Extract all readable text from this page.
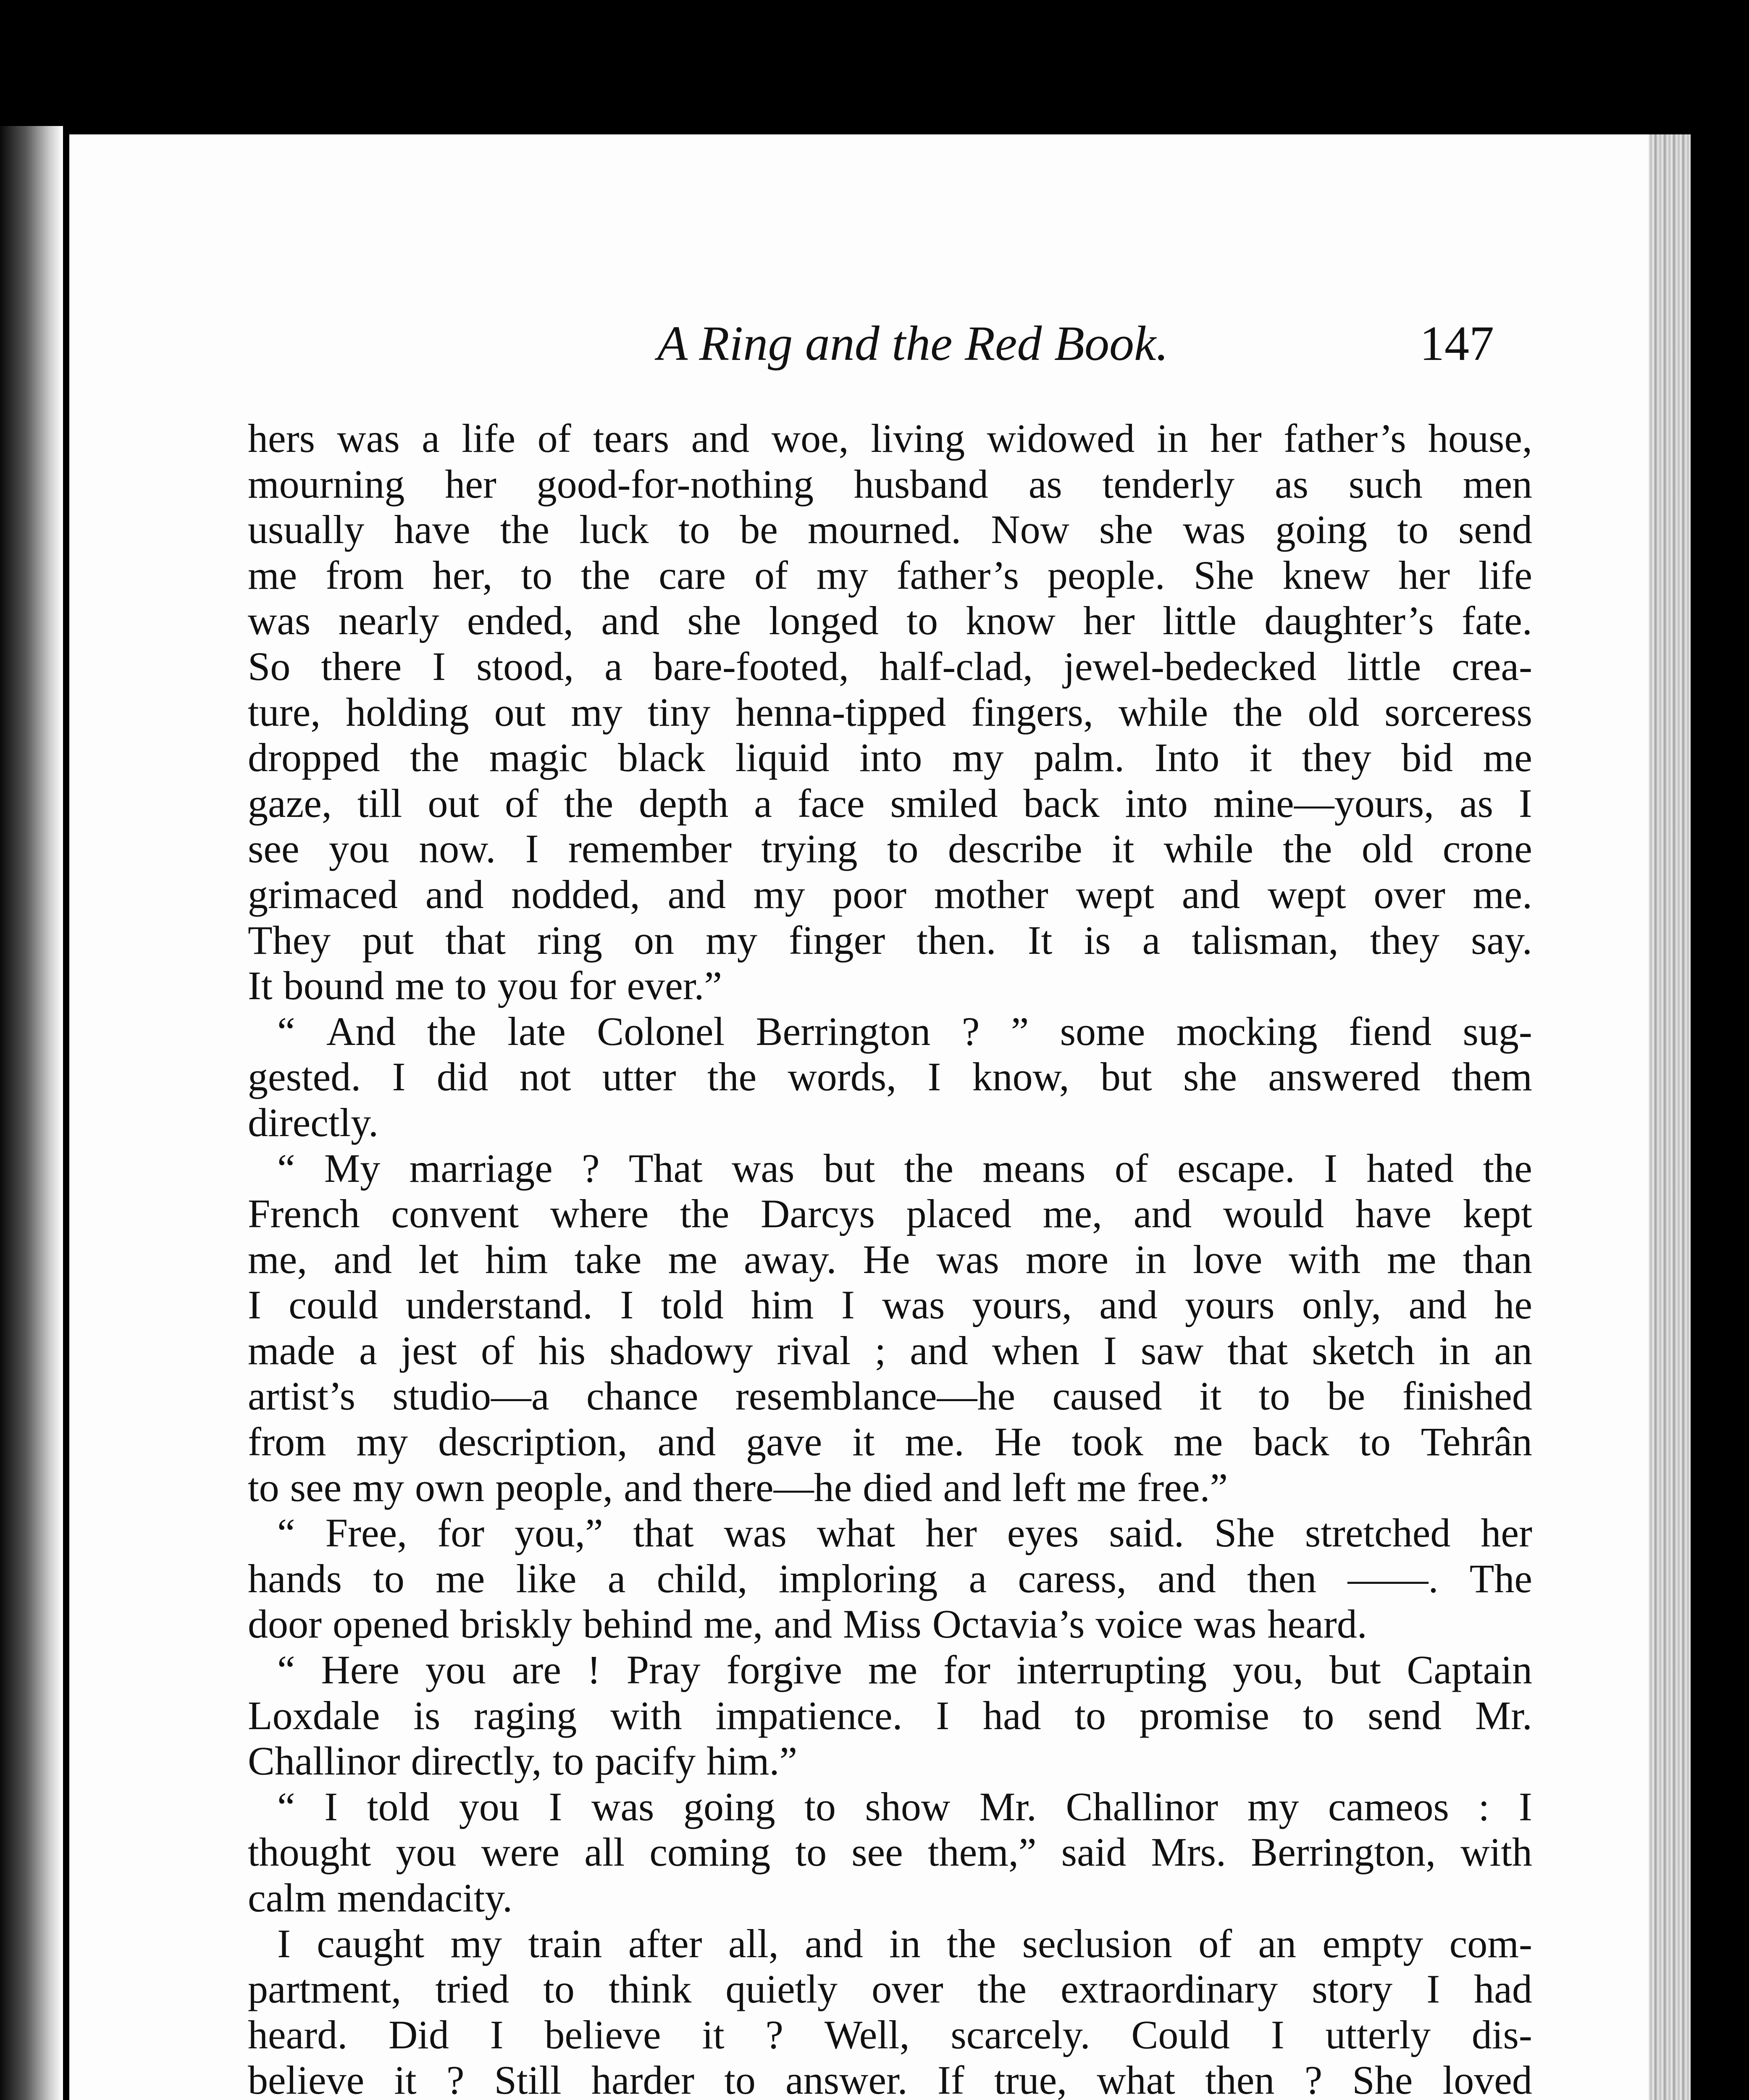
A Ring and the Red Book.	147
hers was a life of tears and woe, living widowed in her father’s house,
mourning her good-for-nothing husband as tenderly as such men
usually have the luck to be mourned. Now she was going to send
me from her, to the care of my father’s people. She knew her life
was nearly ended, and she longed to know her little daughter’s fate.
So there I stood, a bare-footed, half-clad, jewel-bedecked little crea-
ture, holding out my tiny henna-tipped fingers, while the old sorceress
dropped the magic black liquid into my palm. Into it they bid me
gaze, till out of the depth a face smiled back into mine—yours, as I
see you now. I remember trying to describe it while the old crone
grimaced and nodded, and my poor mother wept and wept over me.
They put that ring on my finger then. It is a talisman, they say.
It bound me to you for ever.”
“ And the late Colonel Berrington ? ” some mocking fiend sug-
gested. I did not utter the words, I know, but she answered them
directly.
“ My marriage ? That was but the means of escape. I hated the
French convent where the Darcys placed me, and would have kept
me, and let him take me away. He was more in love with me than
I could understand. I told him I was yours, and yours only, and he
made a jest of his shadowy rival ; and when I saw that sketch in an
artist’s studio—a chance resemblance—he caused it to be finished
from my description, and gave it me. He took me back to Tehrân
to see my own people, and there—he died and left me free.”
“ Free, for you,” that was what her eyes said. She stretched her
hands to me like a child, imploring a caress, and then ——. The
door opened briskly behind me, and Miss Octavia’s voice was heard.
“ Here you are ! Pray forgive me for interrupting you, but Captain
Loxdale is raging with impatience. I had to promise to send Mr.
Challinor directly, to pacify him.”
“ I told you I was going to show Mr. Challinor my cameos : I
thought you were all coming to see them,” said Mrs. Berrington, with
calm mendacity.
I caught my train after all, and in the seclusion of an empty com-
partment, tried to think quietly over the extraordinary story I had
heard. Did I believe it ? Well, scarcely. Could I utterly dis-
believe it ? Still harder to answer. If true, what then ? She loved
